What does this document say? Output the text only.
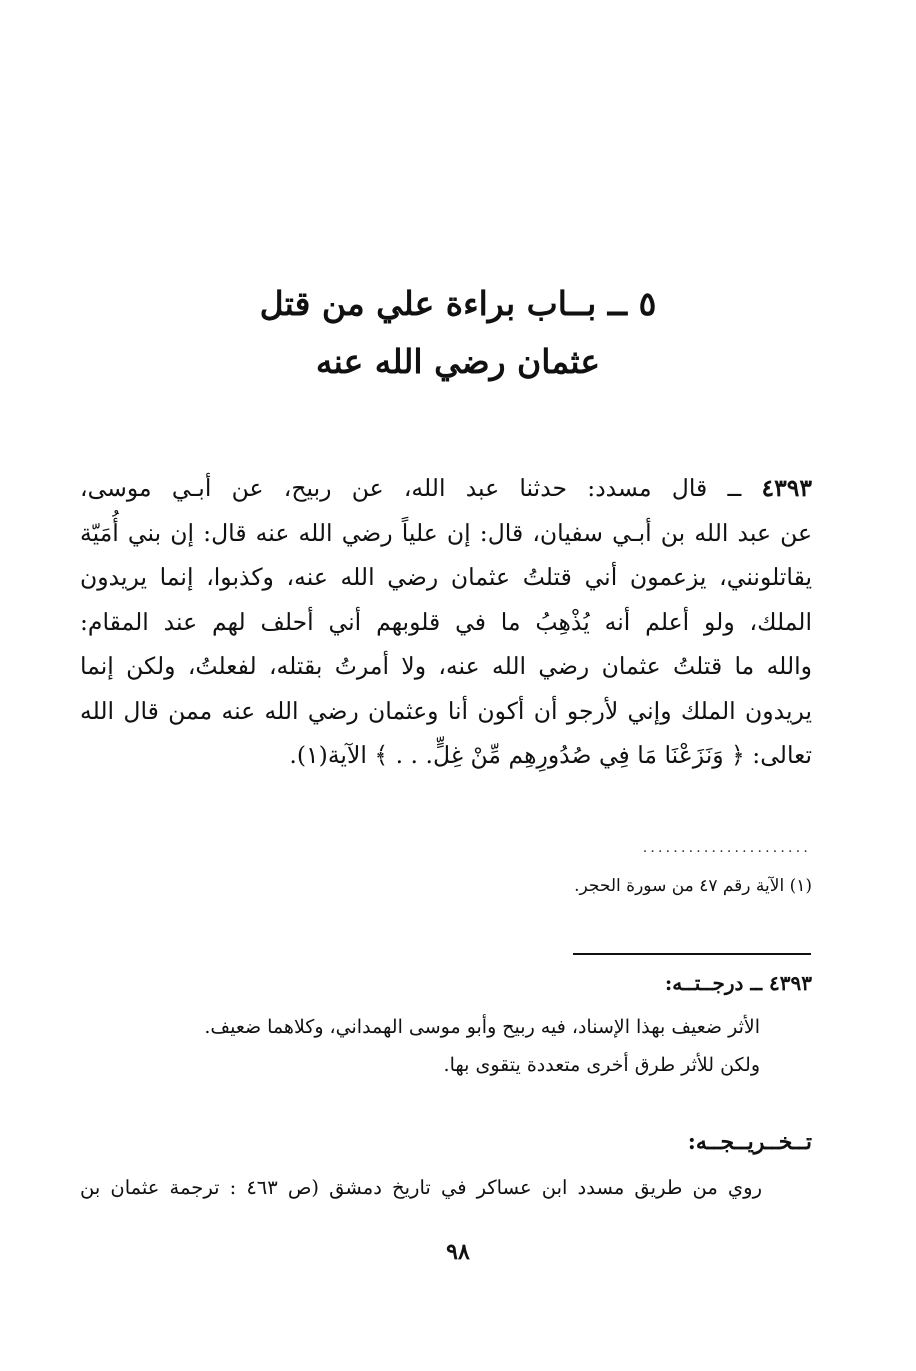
٥ ــ بــاب براءة علي من قتل
عثمان رضي الله عنه
٤٣٩٣ ــ قال مسدد: حدثنا عبد الله، عن ربيح، عن أبـي موسى،
عن عبد الله بن أبـي سفيان، قال: إن علياً رضي الله عنه قال: إن بني أُمَيّة
يقاتلونني، يزعمون أني قتلتُ عثمان رضي الله عنه، وكذبوا، إنما يريدون
الملك، ولو أعلم أنه يُذْهِبُ ما في قلوبهم أني أحلف لهم عند المقام:
والله ما قتلتُ عثمان رضي الله عنه، ولا أمرتُ بقتله، لفعلتُ، ولكن إنما
يريدون الملك وإني لأرجو أن أكون أنا وعثمان رضي الله عنه ممن قال الله
تعالى: ﴿ وَنَزَعْنَا مَا فِي صُدُورِهِم مِّنْ غِلٍّ. . . ﴾ الآية(١).
......................
(١) الآية رقم ٤٧ من سورة الحجر.
٤٣٩٣ ــ درجــتــه:
الأثر ضعيف بهذا الإسناد، فيه ربيح وأبو موسى الهمداني، وكلاهما ضعيف.
ولكن للأثر طرق أخرى متعددة يتقوى بها.
تــخــريــجــه:
روي من طريق مسدد ابن عساكر في تاريخ دمشق (ص ٤٦٣ : ترجمة عثمان بن
٩٨
